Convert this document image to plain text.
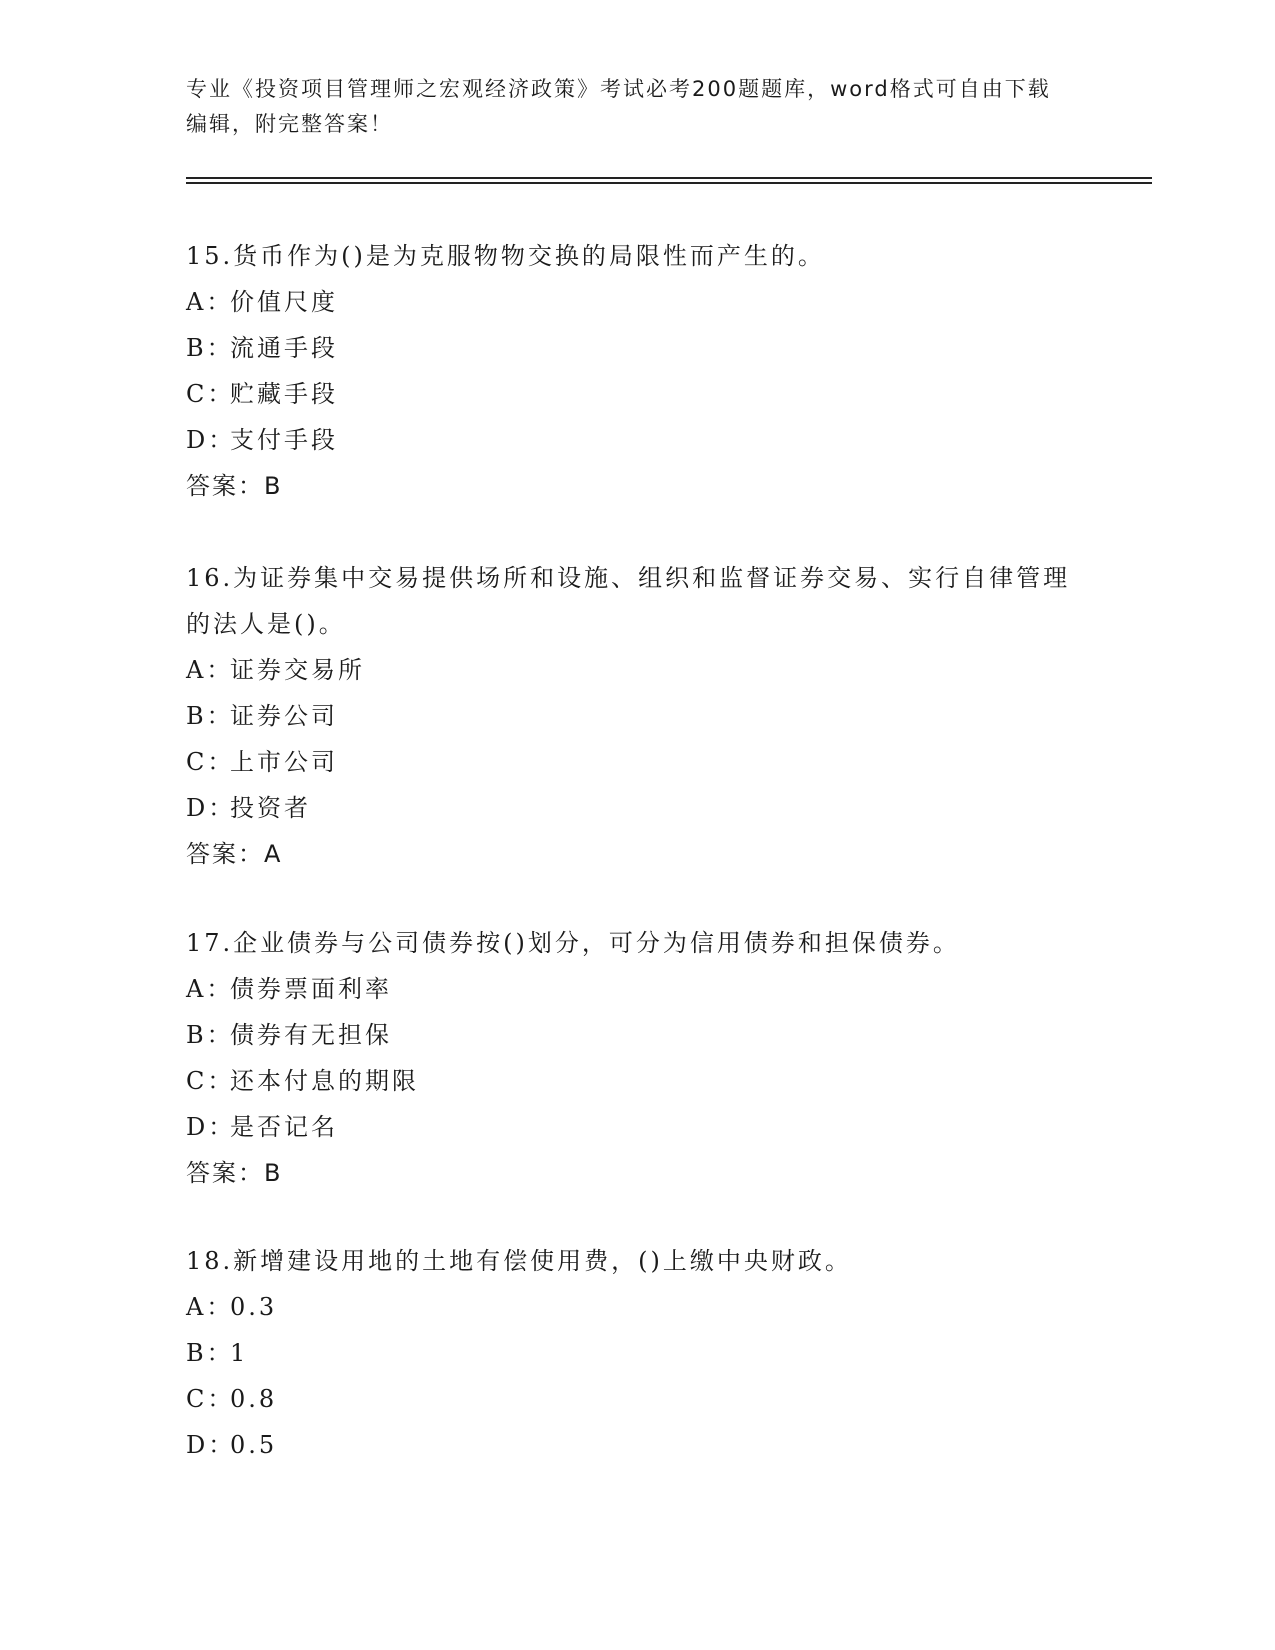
专业《投资项目管理师之宏观经济政策》考试必考200题题库，word格式可自由下载编辑，附完整答案！

15.货币作为()是为克服物物交换的局限性而产生的。

A：
价值尺度

B：
流通手段

C：
贮藏手段

D：
支付手段

答案：B

16.为证券集中交易提供场所和设施、组织和监督证券交易、实行自律管理的法人是()。

A：
证券交易所

B：
证券公司

C：
上市公司

D：
投资者

答案：A

17.企业债券与公司债券按()划分，可分为信用债券和担保债券。

A：
债券票面利率

B：
债券有无担保

C：
还本付息的期限

D：
是否记名

答案：B

18.新增建设用地的土地有偿使用费，()上缴中央财政。

A：
0.3

B：
1

C：
0.8

D：
0.5
